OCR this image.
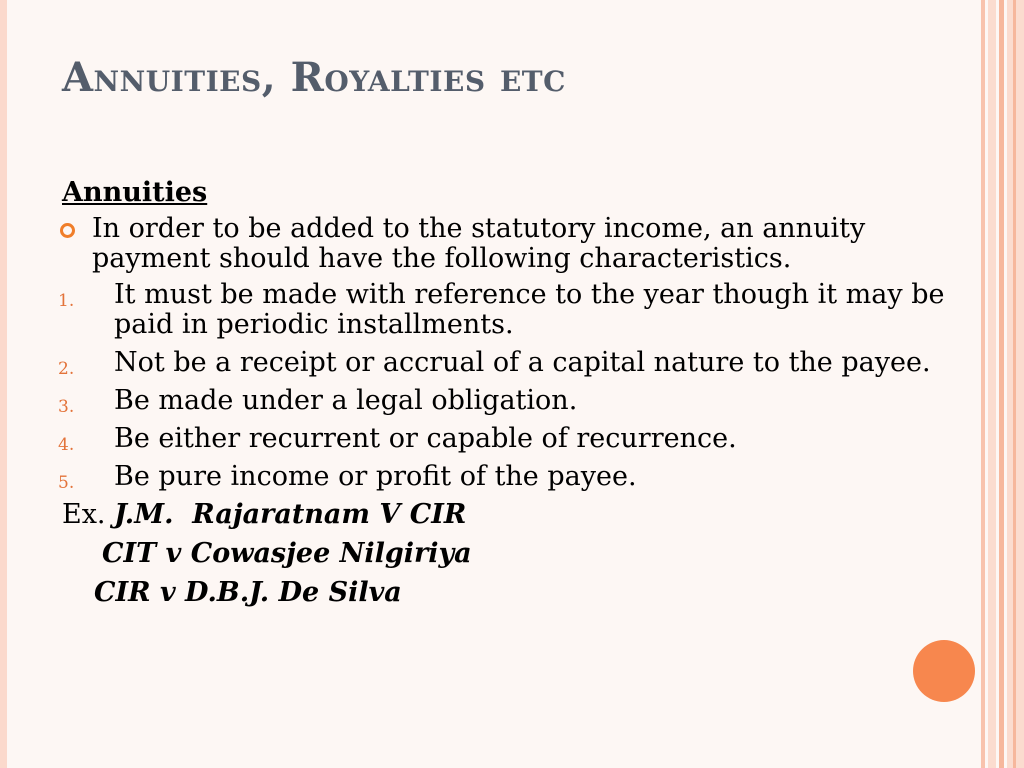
Annuities, Royalties etc
Annuities
In order to be added to the statutory income, an annuity payment should have the following characteristics.
1. It must be made with reference to the year though it may be paid in periodic installments.
2. Not be a receipt or accrual of a capital nature to the payee.
3. Be made under a legal obligation.
4. Be either recurrent or capable of recurrence.
5. Be pure income or profit of the payee.
Ex. J.M.  Rajaratnam V CIR
CIT v Cowasjee Nilgiriya
CIR v D.B.J. De Silva
